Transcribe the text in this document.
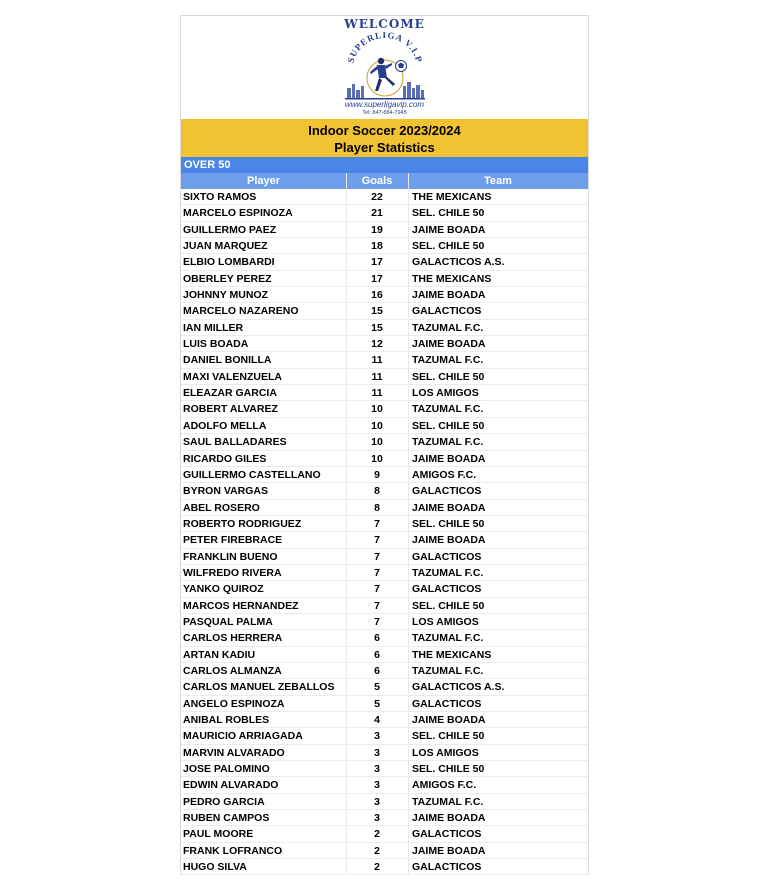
WELCOME
SUPERLIGA V.I.P
www.superligavip.com
Tel: 847-884-7945
Indoor Soccer 2023/2024
Player Statistics
OVER 50
Player	Goals	Team
SIXTO RAMOS	22	THE MEXICANS
MARCELO ESPINOZA	21	SEL. CHILE 50
GUILLERMO PAEZ	19	JAIME BOADA
JUAN MARQUEZ	18	SEL. CHILE 50
ELBIO LOMBARDI	17	GALACTICOS A.S.
OBERLEY PEREZ	17	THE MEXICANS
JOHNNY MUNOZ	16	JAIME BOADA
MARCELO NAZARENO	15	GALACTICOS
IAN MILLER	15	TAZUMAL F.C.
LUIS BOADA	12	JAIME BOADA
DANIEL BONILLA	11	TAZUMAL F.C.
MAXI VALENZUELA	11	SEL. CHILE 50
ELEAZAR GARCIA	11	LOS AMIGOS
ROBERT ALVAREZ	10	TAZUMAL F.C.
ADOLFO MELLA	10	SEL. CHILE 50
SAUL BALLADARES	10	TAZUMAL F.C.
RICARDO GILES	10	JAIME BOADA
GUILLERMO CASTELLANO	9	AMIGOS F.C.
BYRON VARGAS	8	GALACTICOS
ABEL ROSERO	8	JAIME BOADA
ROBERTO RODRIGUEZ	7	SEL. CHILE 50
PETER FIREBRACE	7	JAIME BOADA
FRANKLIN BUENO	7	GALACTICOS
WILFREDO RIVERA	7	TAZUMAL F.C.
YANKO QUIROZ	7	GALACTICOS
MARCOS HERNANDEZ	7	SEL. CHILE 50
PASQUAL PALMA	7	LOS AMIGOS
CARLOS HERRERA	6	TAZUMAL F.C.
ARTAN KADIU	6	THE MEXICANS
CARLOS ALMANZA	6	TAZUMAL F.C.
CARLOS MANUEL ZEBALLOS	5	GALACTICOS A.S.
ANGELO ESPINOZA	5	GALACTICOS
ANIBAL ROBLES	4	JAIME BOADA
MAURICIO ARRIAGADA	3	SEL. CHILE 50
MARVIN ALVARADO	3	LOS AMIGOS
JOSE PALOMINO	3	SEL. CHILE 50
EDWIN ALVARADO	3	AMIGOS F.C.
PEDRO GARCIA	3	TAZUMAL F.C.
RUBEN CAMPOS	3	JAIME BOADA
PAUL MOORE	2	GALACTICOS
FRANK LOFRANCO	2	JAIME BOADA
HUGO SILVA	2	GALACTICOS
